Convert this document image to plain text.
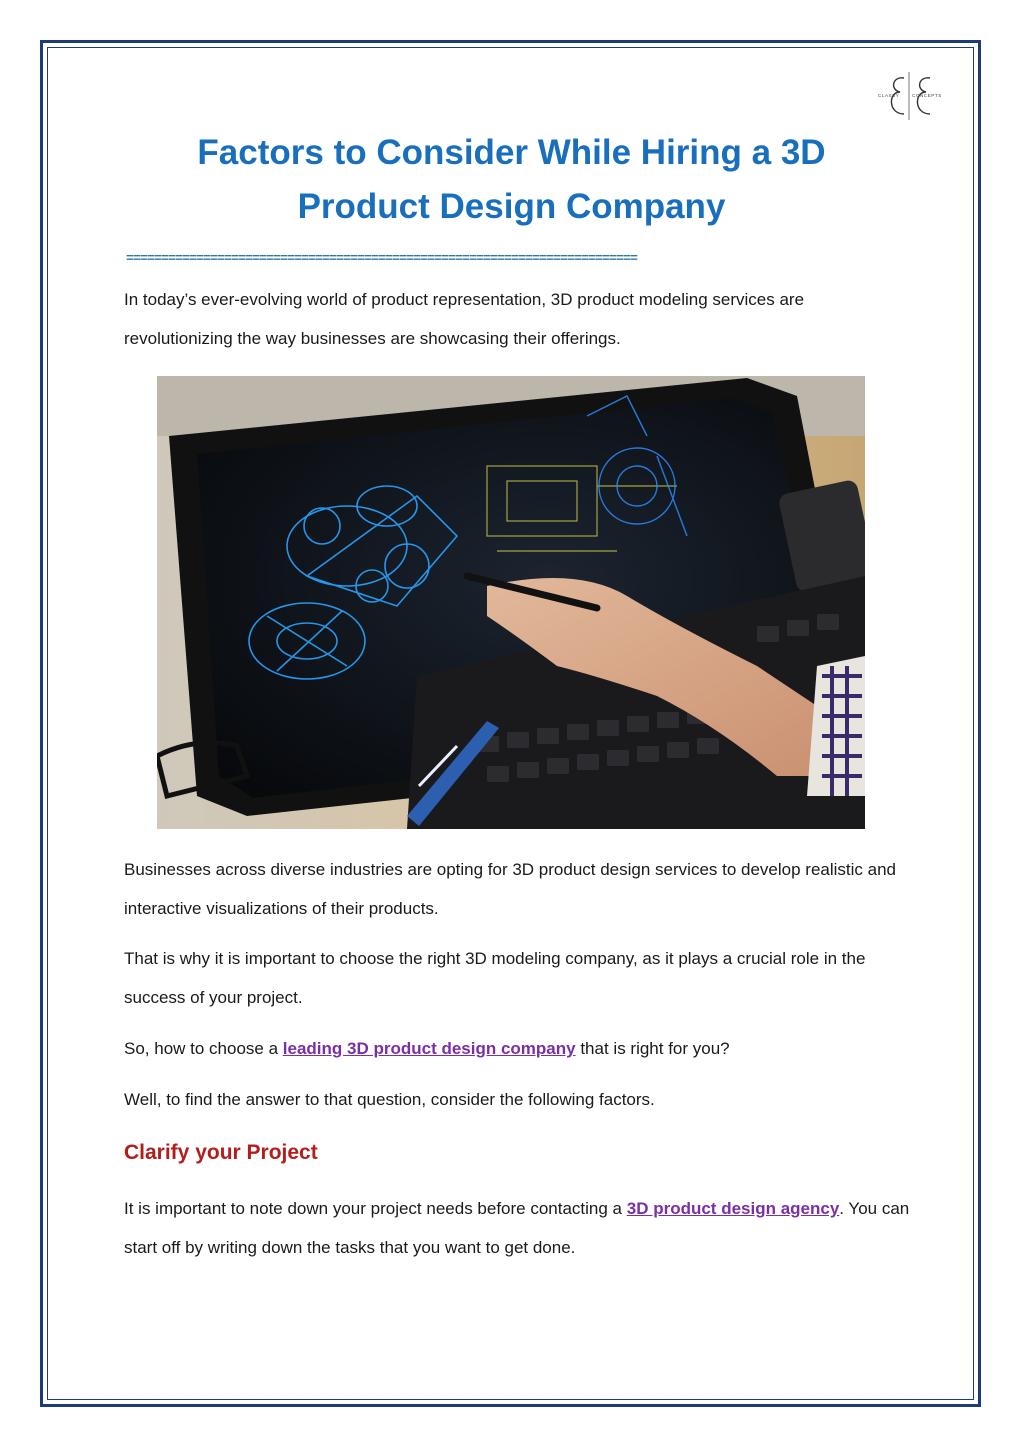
CLASSY	CONCEPTS
Factors to Consider While Hiring a 3D
Product Design Company
=========================================================================

In today’s ever-evolving world of product representation, 3D product modeling services are revolutionizing the way businesses are showcasing their offerings.

Businesses across diverse industries are opting for 3D product design services to develop realistic and interactive visualizations of their products.

That is why it is important to choose the right 3D modeling company, as it plays a crucial role in the success of your project.

So, how to choose a leading 3D product design company that is right for you?

Well, to find the answer to that question, consider the following factors.

Clarify your Project

It is important to note down your project needs before contacting a 3D product design agency. You can start off by writing down the tasks that you want to get done.
